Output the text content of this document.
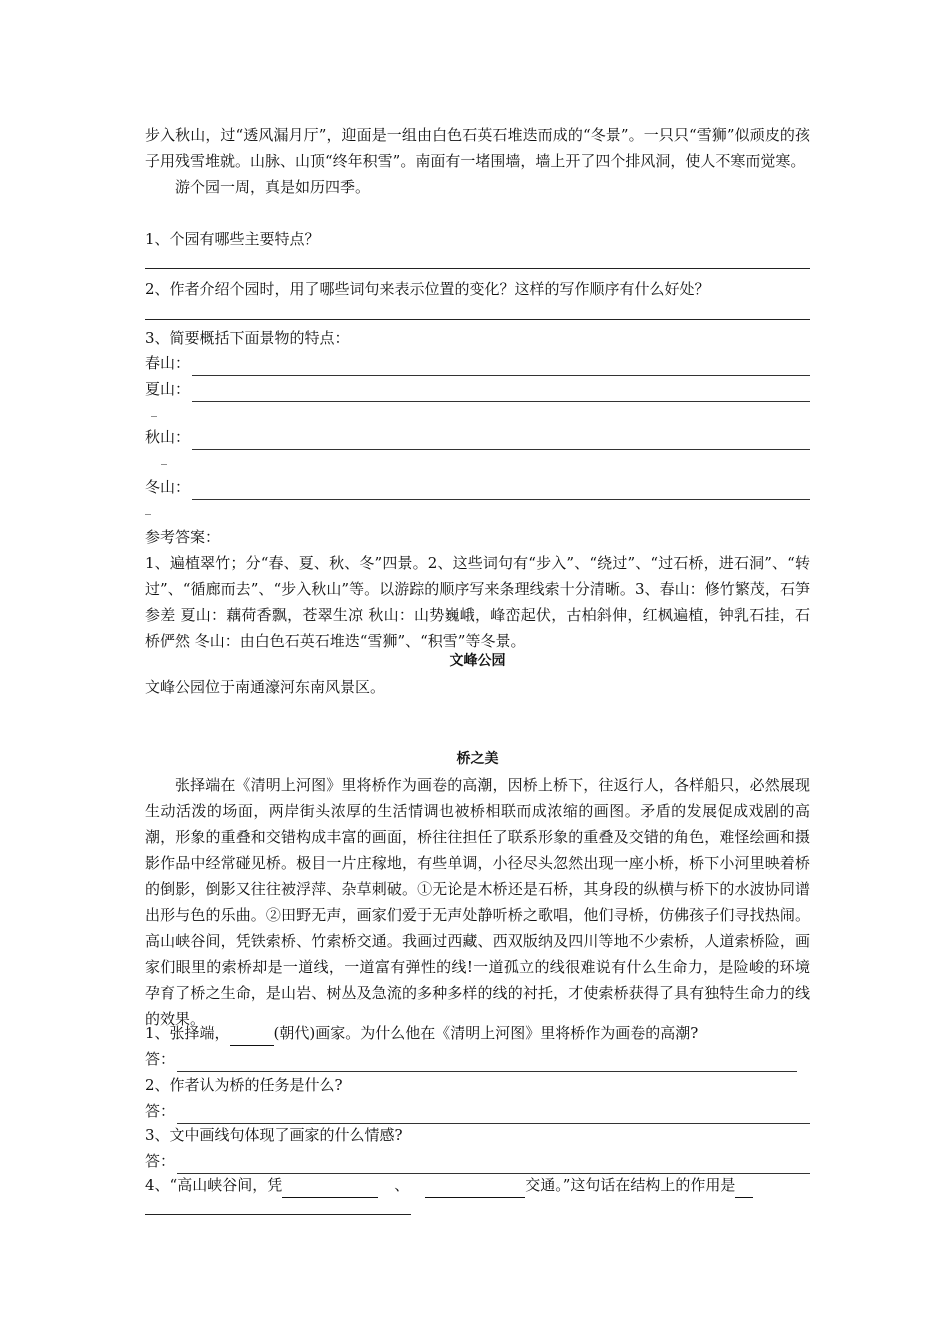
步入秋山，过“透风漏月厅”，迎面是一组由白色石英石堆迭而成的“冬景”。一只只“雪狮”似顽皮的孩子用残雪堆就。山脉、山顶“终年积雪”。南面有一堵围墙，墙上开了四个排风洞，使人不寒而觉寒。

游个园一周，真是如历四季。

1、个园有哪些主要特点？

2、作者介绍个园时，用了哪些词句来表示位置的变化？这样的写作顺序有什么好处？

3、简要概括下面景物的特点：

春山：
夏山：
_
秋山：
_
冬山：
_

参考答案：

1、遍植翠竹；分“春、夏、秋、冬”四景。2、这些词句有“步入”、“绕过”、“过石桥，进石洞”、“转过”、“循廊而去”、“步入秋山”等。以游踪的顺序写来条理线索十分清晰。3、春山：修竹繁茂，石笋参差 夏山：藕荷香飘，苍翠生凉 秋山：山势巍峨，峰峦起伏，古柏斜伸，红枫遍植，钟乳石挂，石桥俨然 冬山：由白色石英石堆迭“雪狮”、“积雪”等冬景。

文峰公园

文峰公园位于南通濠河东南风景区。

桥之美

张择端在《清明上河图》里将桥作为画卷的高潮，因桥上桥下，往返行人，各样船只，必然展现生动活泼的场面，两岸街头浓厚的生活情调也被桥相联而成浓缩的画图。矛盾的发展促成戏剧的高潮，形象的重叠和交错构成丰富的画面，桥往往担任了联系形象的重叠及交错的角色，难怪绘画和摄影作品中经常碰见桥。极目一片庄稼地，有些单调，小径尽头忽然出现一座小桥，桥下小河里映着桥的倒影，倒影又往往被浮萍、杂草刺破。①无论是木桥还是石桥，其身段的纵横与桥下的水波协同谱出形与色的乐曲。②田野无声，画家们爱于无声处静听桥之歌唱，他们寻桥，仿佛孩子们寻找热闹。高山峡谷间，凭铁索桥、竹索桥交通。我画过西藏、西双版纳及四川等地不少索桥，人道索桥险，画家们眼里的索桥却是一道线，一道富有弹性的线!一道孤立的线很难说有什么生命力，是险峻的环境孕育了桥之生命，是山岩、树丛及急流的多种多样的线的衬托，才使索桥获得了具有独特生命力的线的效果。

1、张择端，	(朝代)画家。为什么他在《清明上河图》里将桥作为画卷的高潮?
答：

2、作者认为桥的任务是什么?

答：

3、文中画线句体现了画家的什么情感?

答：
4、“高山峡谷间，凭	、	交通。”这句话在结构上的作用是
